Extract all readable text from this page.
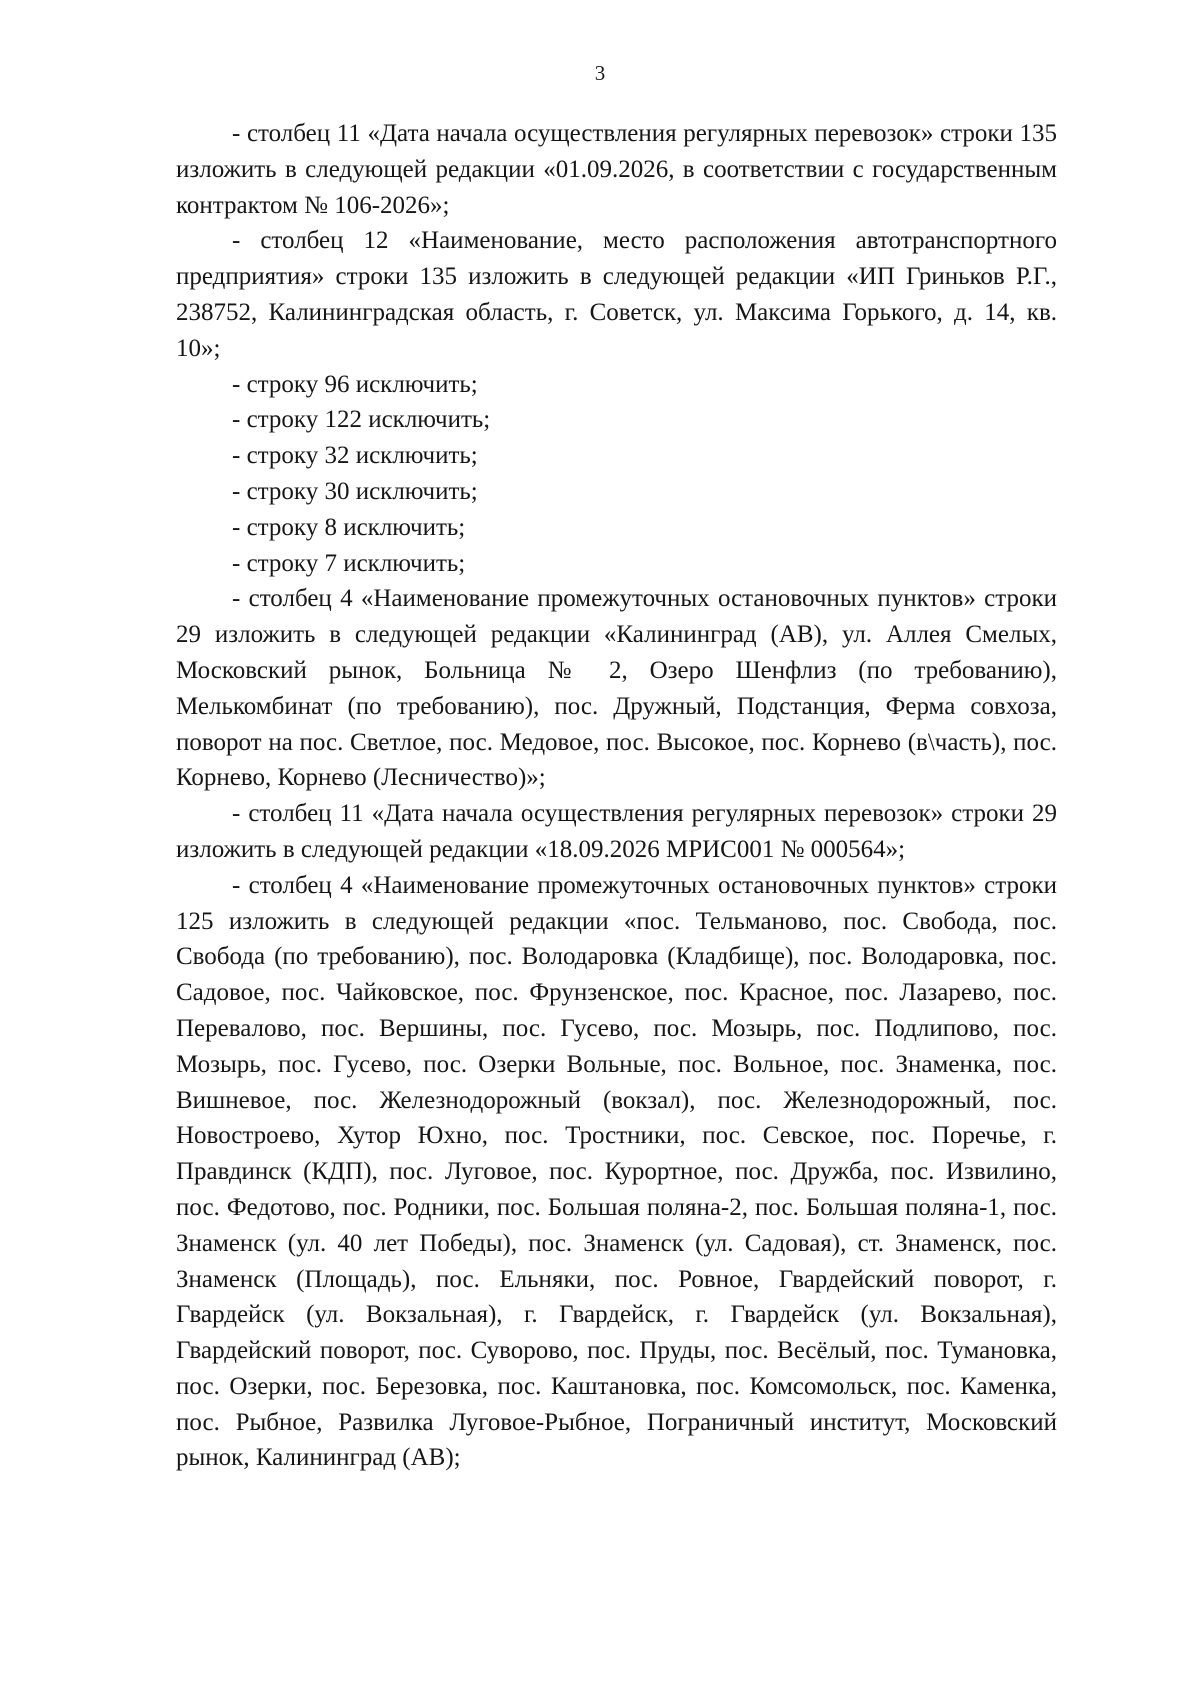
3

- столбец 11 «Дата начала осуществления регулярных перевозок» строки 135 изложить в следующей редакции «01.09.2026, в соответствии с государственным контрактом № 106-2026»;

- столбец 12 «Наименование, место расположения автотранспортного предприятия» строки 135 изложить в следующей редакции «ИП Гриньков Р.Г., 238752, Калининградская область, г. Советск, ул. Максима Горького, д. 14, кв. 10»;

- строку 96 исключить;

- строку 122 исключить;

- строку 32 исключить;

- строку 30 исключить;

- строку 8 исключить;

- строку 7 исключить;

- столбец 4 «Наименование промежуточных остановочных пунктов» строки 29 изложить в следующей редакции «Калининград (АВ), ул. Аллея Смелых, Московский рынок, Больница № 2, Озеро Шенфлиз (по требованию), Мелькомбинат (по требованию), пос. Дружный, Подстанция, Ферма совхоза, поворот на пос. Светлое, пос. Медовое, пос. Высокое, пос. Корнево (в\часть), пос. Корнево, Корнево (Лесничество)»;

- столбец 11 «Дата начала осуществления регулярных перевозок» строки 29 изложить в следующей редакции «18.09.2026 МРИС001 № 000564»;

- столбец 4 «Наименование промежуточных остановочных пунктов» строки 125 изложить в следующей редакции «пос. Тельманово, пос. Свобода, пос. Свобода (по требованию), пос. Володаровка (Кладбище), пос. Володаровка, пос. Садовое, пос. Чайковское, пос. Фрунзенское, пос. Красное, пос. Лазарево, пос. Перевалово, пос. Вершины, пос. Гусево, пос. Мозырь, пос. Подлипово, пос. Мозырь, пос. Гусево, пос. Озерки Вольные, пос. Вольное, пос. Знаменка, пос. Вишневое, пос. Железнодорожный (вокзал), пос. Железнодорожный, пос. Новостроево, Хутор Юхно, пос. Тростники, пос. Севское, пос. Поречье, г. Правдинск (КДП), пос. Луговое, пос. Курортное, пос. Дружба, пос. Извилино, пос. Федотово, пос. Родники, пос. Большая поляна-2, пос. Большая поляна-1, пос. Знаменск (ул. 40 лет Победы), пос. Знаменск (ул. Садовая), ст. Знаменск, пос. Знаменск (Площадь), пос. Ельняки, пос. Ровное, Гвардейский поворот, г. Гвардейск (ул. Вокзальная), г. Гвардейск, г. Гвардейск (ул. Вокзальная), Гвардейский поворот, пос. Суворово, пос. Пруды, пос. Весёлый, пос. Тумановка, пос. Озерки, пос. Березовка, пос. Каштановка, пос. Комсомольск, пос. Каменка, пос. Рыбное, Развилка Луговое-Рыбное, Пограничный институт, Московский рынок, Калининград (АВ);
